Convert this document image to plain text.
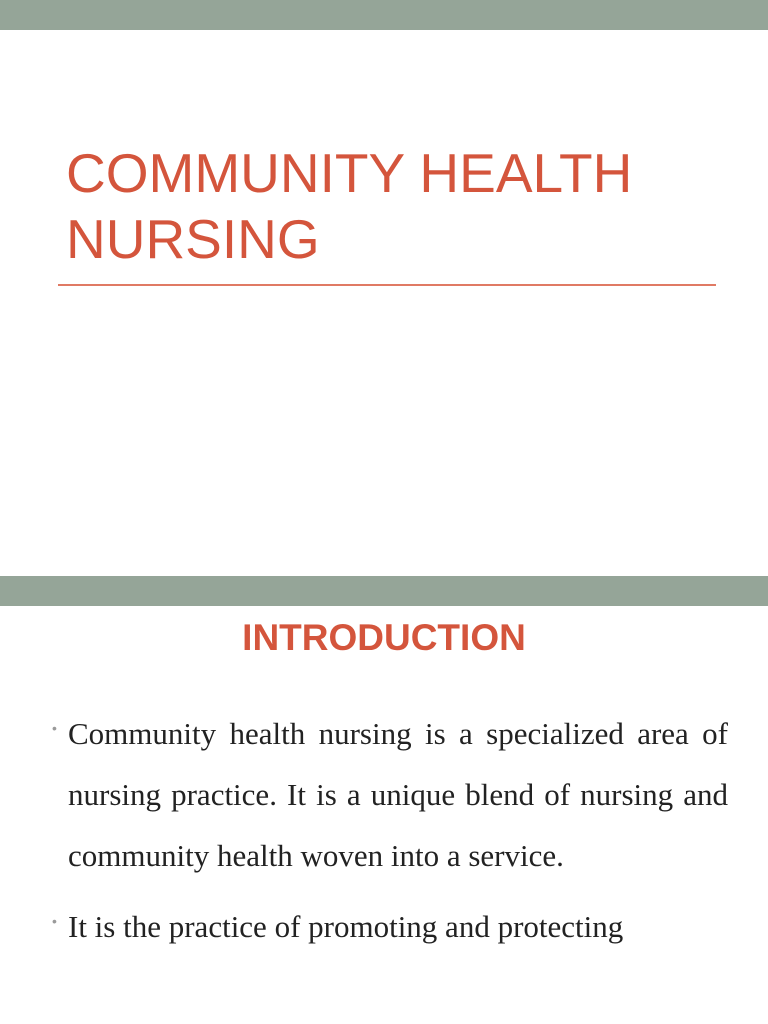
COMMUNITY HEALTH
NURSING
INTRODUCTION
• Community health nursing is a specialized area of nursing practice. It is a unique blend of nursing and community health woven into a service.
• It is the practice of promoting and protecting
